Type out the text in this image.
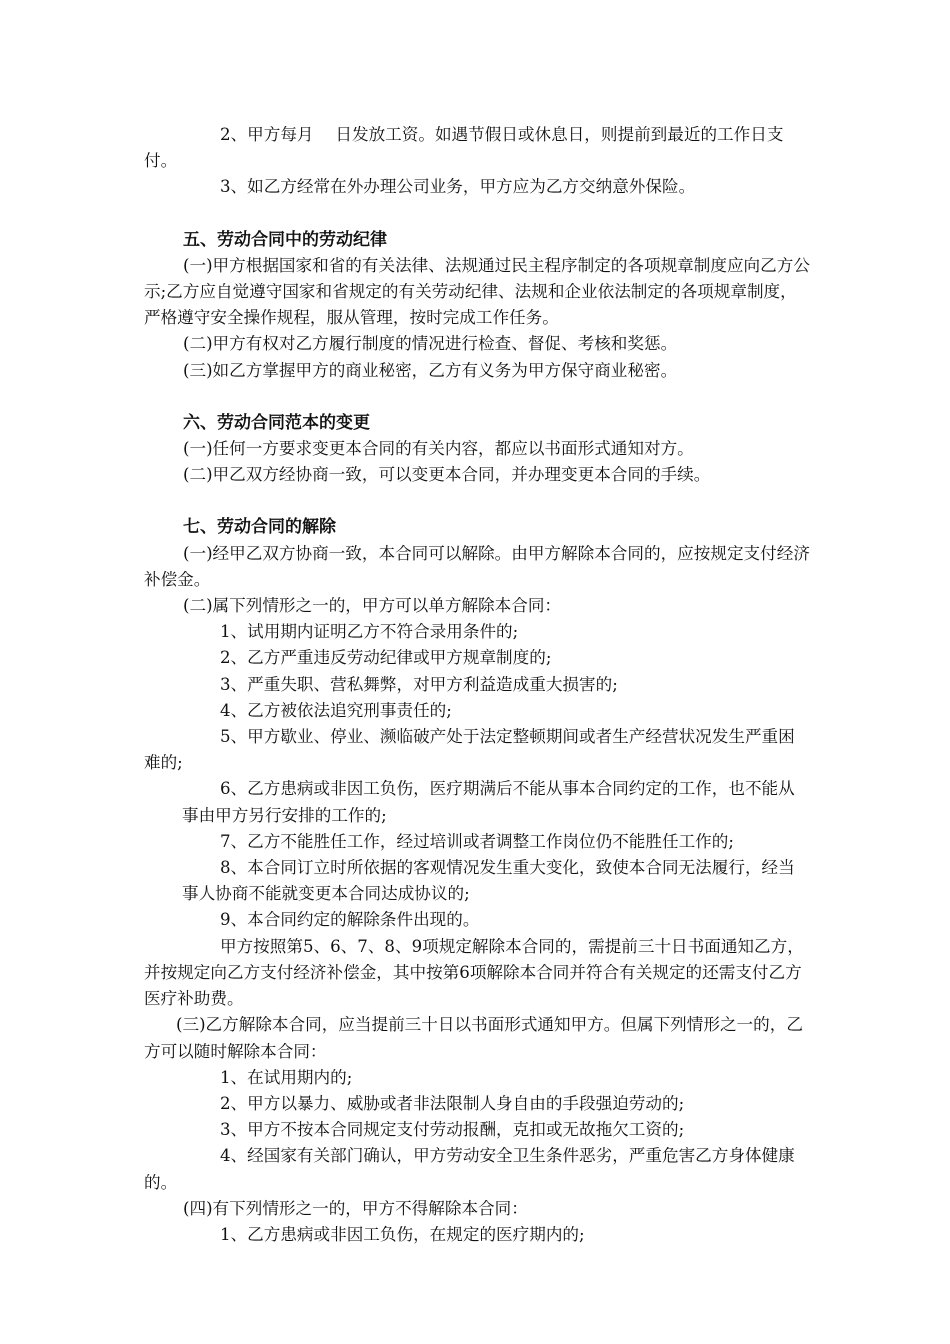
2、甲方每月　 日发放工资。如遇节假日或休息日，则提前到最近的工作日支付。

3、如乙方经常在外办理公司业务，甲方应为乙方交纳意外保险。

五、劳动合同中的劳动纪律

(一)甲方根据国家和省的有关法律、法规通过民主程序制定的各项规章制度应向乙方公示;乙方应自觉遵守国家和省规定的有关劳动纪律、法规和企业依法制定的各项规章制度，严格遵守安全操作规程，服从管理，按时完成工作任务。

(二)甲方有权对乙方履行制度的情况进行检查、督促、考核和奖惩。

(三)如乙方掌握甲方的商业秘密，乙方有义务为甲方保守商业秘密。

六、劳动合同范本的变更

(一)任何一方要求变更本合同的有关内容，都应以书面形式通知对方。

(二)甲乙双方经协商一致，可以变更本合同，并办理变更本合同的手续。

七、劳动合同的解除

(一)经甲乙双方协商一致，本合同可以解除。由甲方解除本合同的，应按规定支付经济补偿金。

(二)属下列情形之一的，甲方可以单方解除本合同：

1、试用期内证明乙方不符合录用条件的;

2、乙方严重违反劳动纪律或甲方规章制度的;

3、严重失职、营私舞弊，对甲方利益造成重大损害的;

4、乙方被依法追究刑事责任的;

5、甲方歇业、停业、濒临破产处于法定整顿期间或者生产经营状况发生严重困难的;

6、乙方患病或非因工负伤，医疗期满后不能从事本合同约定的工作，也不能从事由甲方另行安排的工作的;

7、乙方不能胜任工作，经过培训或者调整工作岗位仍不能胜任工作的;

8、本合同订立时所依据的客观情况发生重大变化，致使本合同无法履行，经当事人协商不能就变更本合同达成协议的;

9、本合同约定的解除条件出现的。

甲方按照第5、6、7、8、9项规定解除本合同的，需提前三十日书面通知乙方，并按规定向乙方支付经济补偿金，其中按第6项解除本合同并符合有关规定的还需支付乙方医疗补助费。

(三)乙方解除本合同，应当提前三十日以书面形式通知甲方。但属下列情形之一的，乙方可以随时解除本合同：

1、在试用期内的;

2、甲方以暴力、威胁或者非法限制人身自由的手段强迫劳动的;

3、甲方不按本合同规定支付劳动报酬，克扣或无故拖欠工资的;

4、经国家有关部门确认，甲方劳动安全卫生条件恶劣，严重危害乙方身体健康的。

(四)有下列情形之一的，甲方不得解除本合同：

1、乙方患病或非因工负伤，在规定的医疗期内的;
